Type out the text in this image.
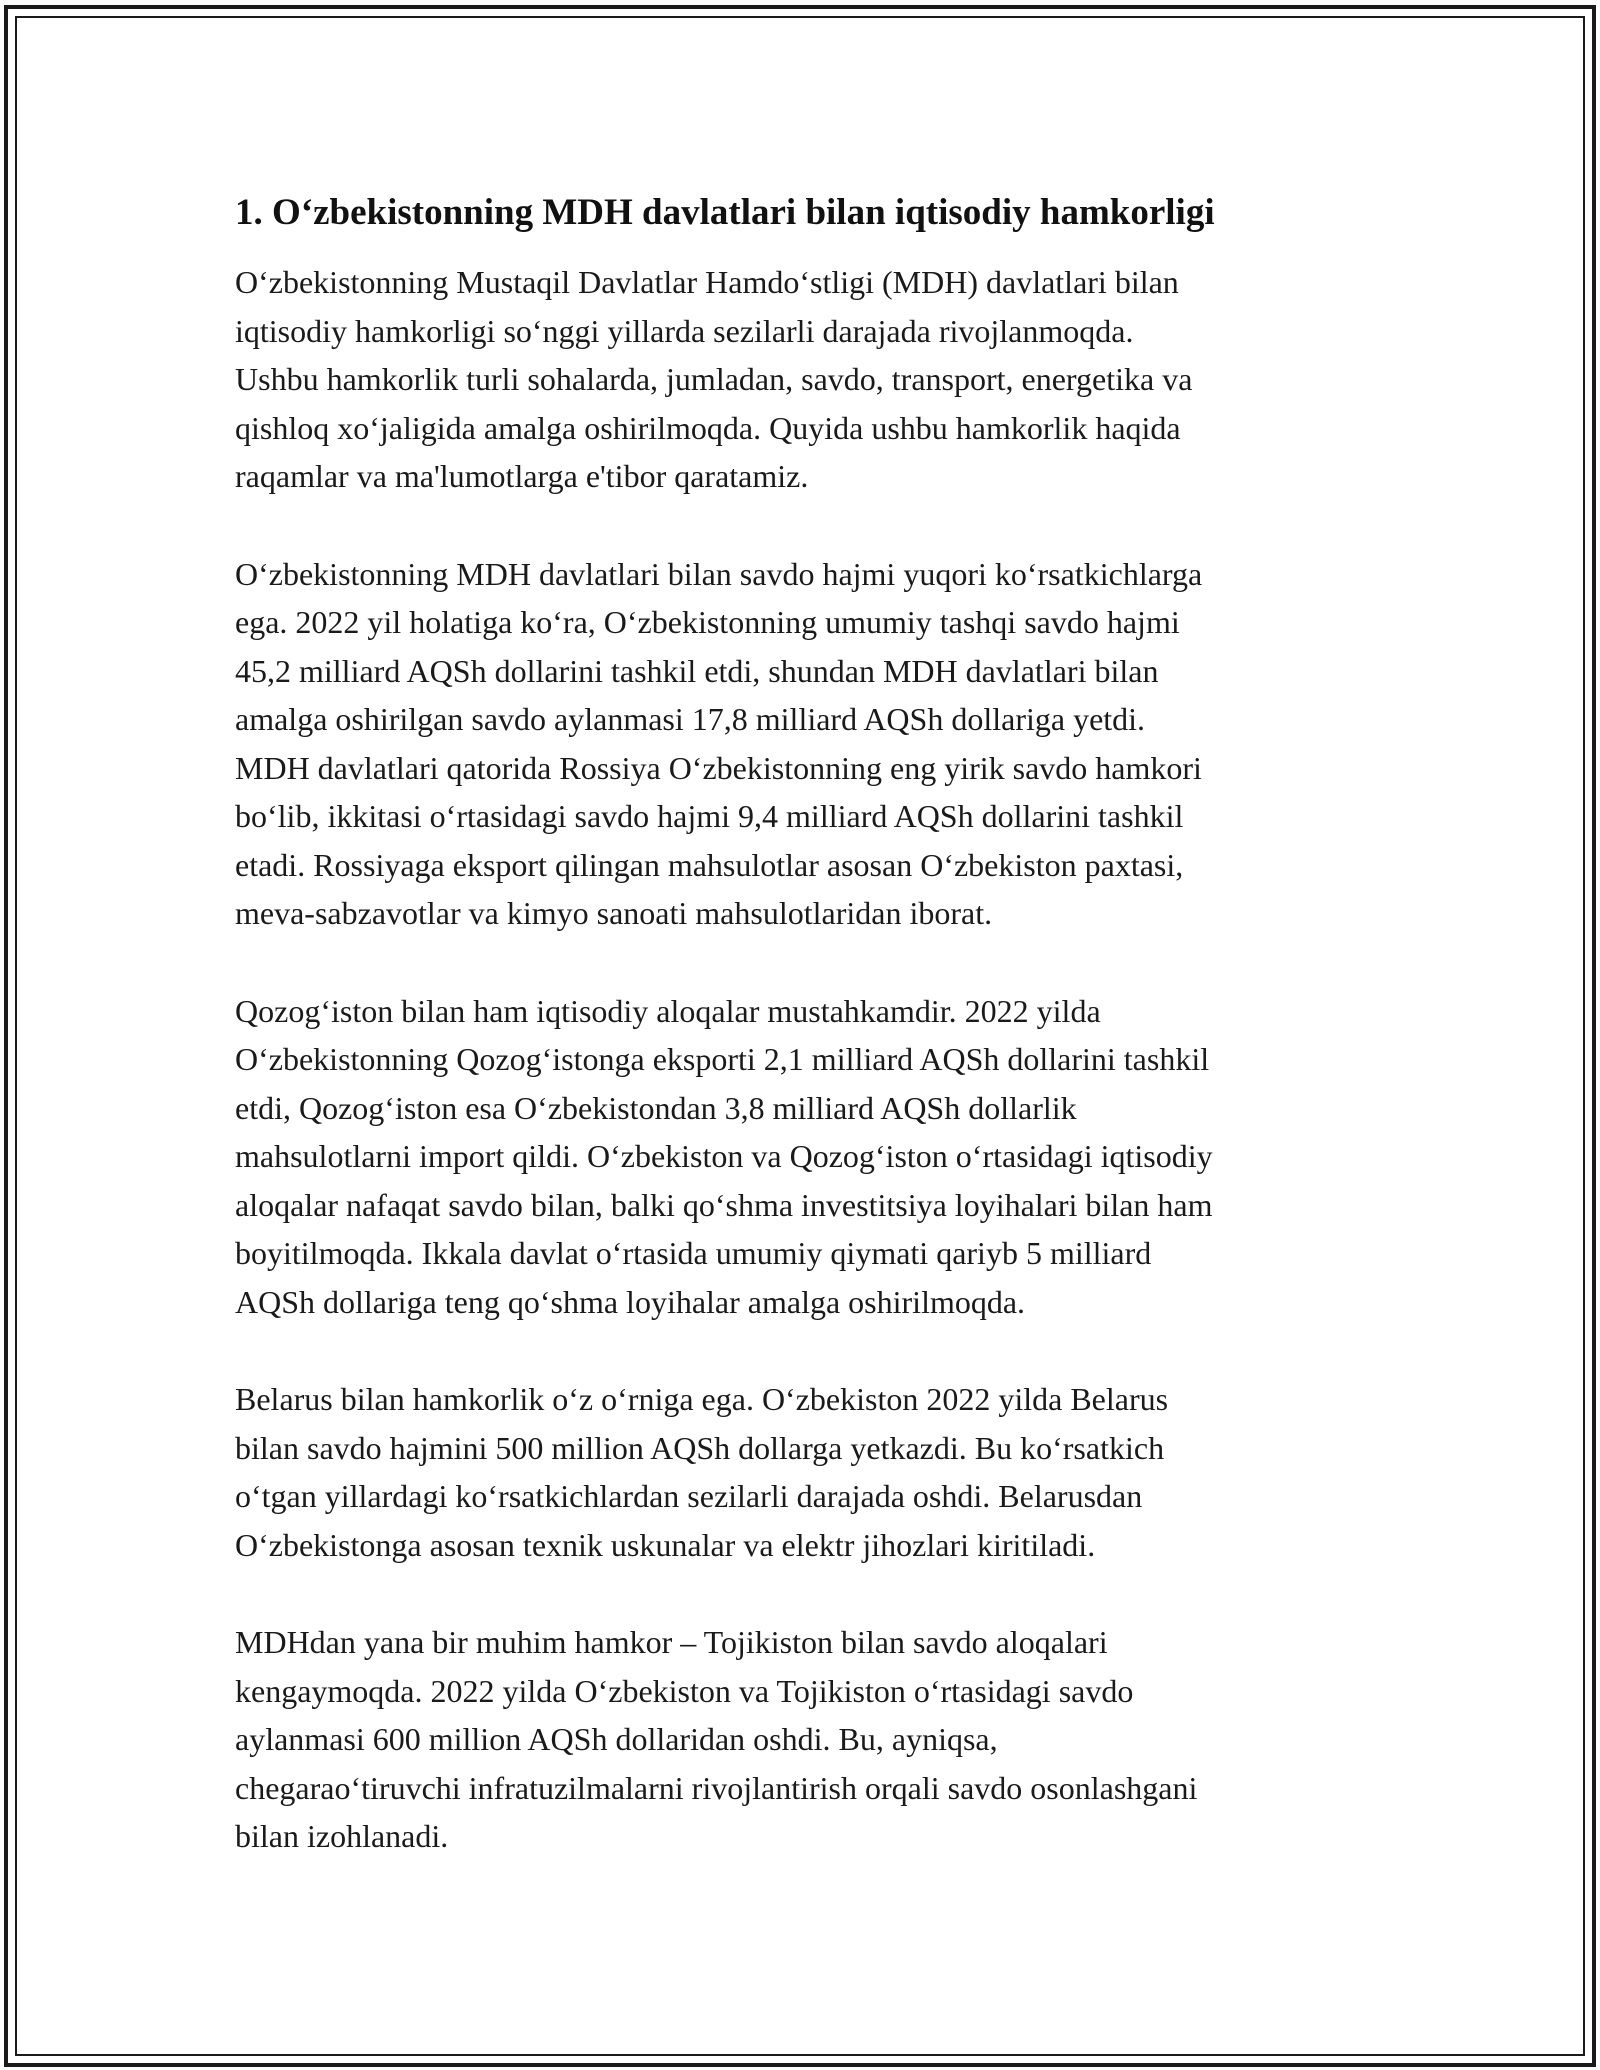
1. O‘zbekistonning MDH davlatlari bilan iqtisodiy hamkorligi

O‘zbekistonning Mustaqil Davlatlar Hamdo‘stligi (MDH) davlatlari bilan
iqtisodiy hamkorligi so‘nggi yillarda sezilarli darajada rivojlanmoqda.
Ushbu hamkorlik turli sohalarda, jumladan, savdo, transport, energetika va
qishloq xo‘jaligida amalga oshirilmoqda. Quyida ushbu hamkorlik haqida
raqamlar va ma'lumotlarga e'tibor qaratamiz.

O‘zbekistonning MDH davlatlari bilan savdo hajmi yuqori ko‘rsatkichlarga
ega. 2022 yil holatiga ko‘ra, O‘zbekistonning umumiy tashqi savdo hajmi
45,2 milliard AQSh dollarini tashkil etdi, shundan MDH davlatlari bilan
amalga oshirilgan savdo aylanmasi 17,8 milliard AQSh dollariga yetdi.
MDH davlatlari qatorida Rossiya O‘zbekistonning eng yirik savdo hamkori
bo‘lib, ikkitasi o‘rtasidagi savdo hajmi 9,4 milliard AQSh dollarini tashkil
etadi. Rossiyaga eksport qilingan mahsulotlar asosan O‘zbekiston paxtasi,
meva-sabzavotlar va kimyo sanoati mahsulotlaridan iborat.

Qozog‘iston bilan ham iqtisodiy aloqalar mustahkamdir. 2022 yilda
O‘zbekistonning Qozog‘istonga eksporti 2,1 milliard AQSh dollarini tashkil
etdi, Qozog‘iston esa O‘zbekistondan 3,8 milliard AQSh dollarlik
mahsulotlarni import qildi. O‘zbekiston va Qozog‘iston o‘rtasidagi iqtisodiy
aloqalar nafaqat savdo bilan, balki qo‘shma investitsiya loyihalari bilan ham
boyitilmoqda. Ikkala davlat o‘rtasida umumiy qiymati qariyb 5 milliard
AQSh dollariga teng qo‘shma loyihalar amalga oshirilmoqda.

Belarus bilan hamkorlik o‘z o‘rniga ega. O‘zbekiston 2022 yilda Belarus
bilan savdo hajmini 500 million AQSh dollarga yetkazdi. Bu ko‘rsatkich
o‘tgan yillardagi ko‘rsatkichlardan sezilarli darajada oshdi. Belarusdan
O‘zbekistonga asosan texnik uskunalar va elektr jihozlari kiritiladi.

MDHdan yana bir muhim hamkor – Tojikiston bilan savdo aloqalari
kengaymoqda. 2022 yilda O‘zbekiston va Tojikiston o‘rtasidagi savdo
aylanmasi 600 million AQSh dollaridan oshdi. Bu, ayniqsa,
chegarao‘tiruvchi infratuzilmalarni rivojlantirish orqali savdo osonlashgani
bilan izohlanadi.
